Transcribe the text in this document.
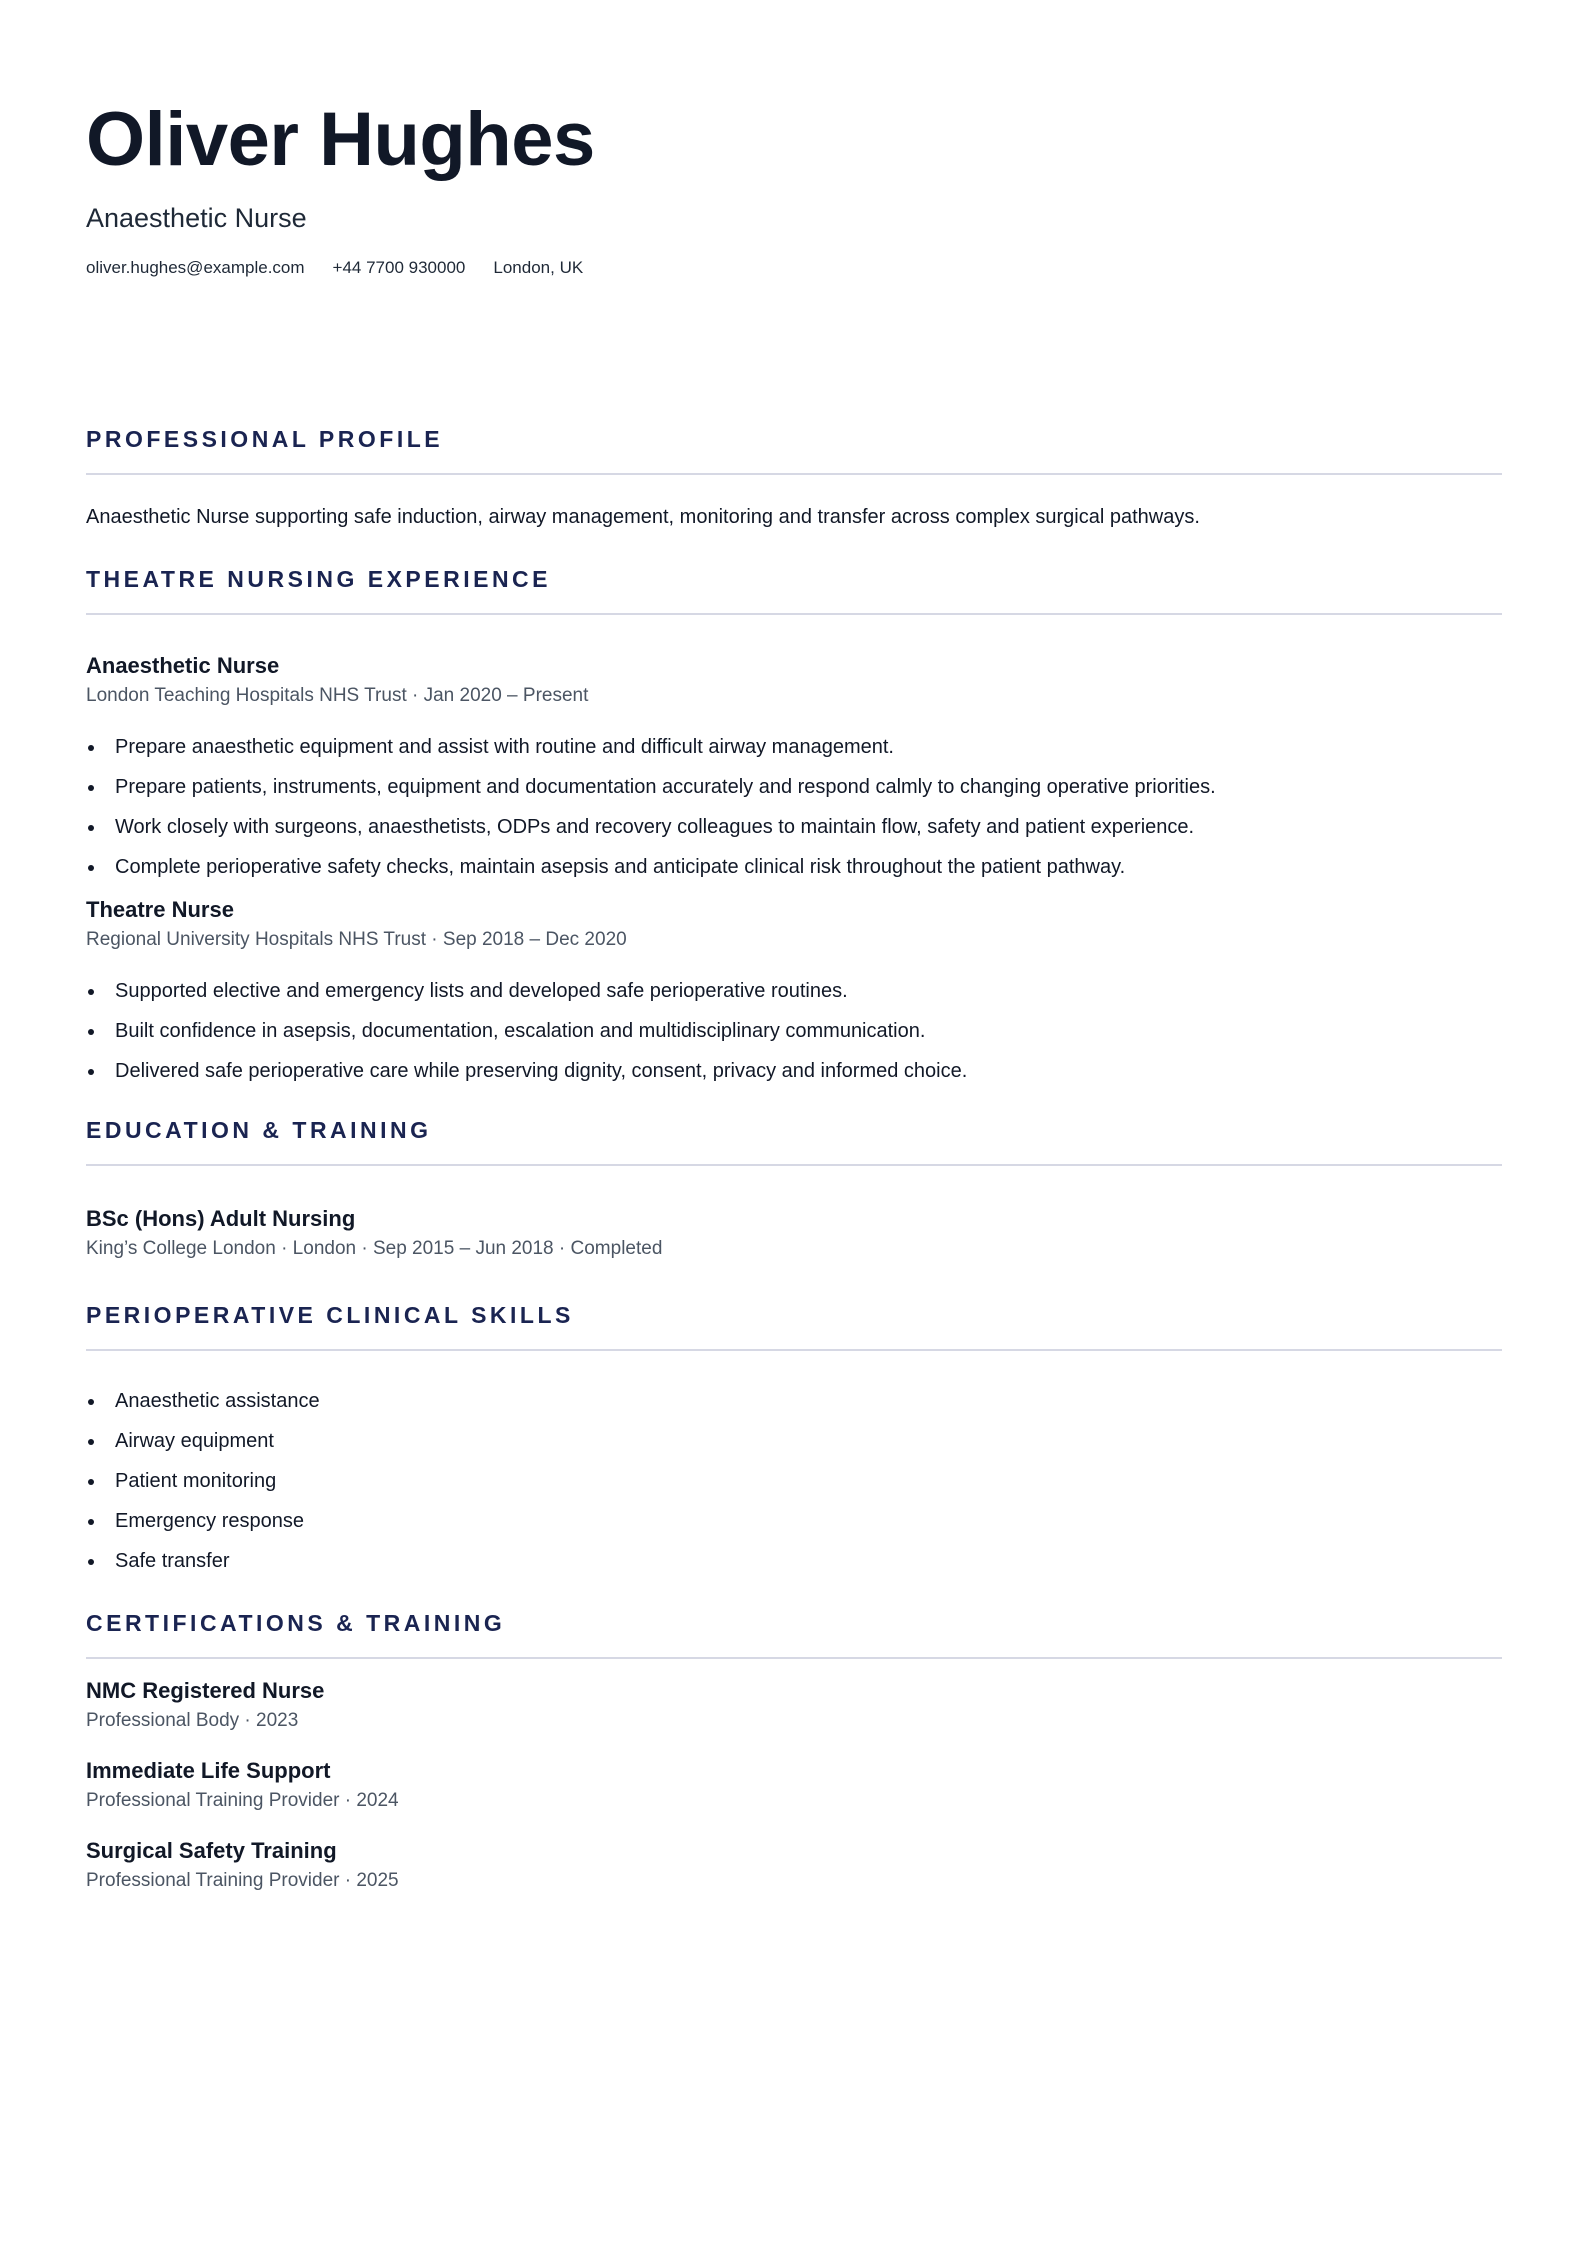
Oliver Hughes
Anaesthetic Nurse
oliver.hughes@example.com +44 7700 930000 London, UK
PROFESSIONAL PROFILE
Anaesthetic Nurse supporting safe induction, airway management, monitoring and transfer across complex surgical pathways.
THEATRE NURSING EXPERIENCE
Anaesthetic Nurse
London Teaching Hospitals NHS Trust · Jan 2020 – Present
Prepare anaesthetic equipment and assist with routine and difficult airway management.
Prepare patients, instruments, equipment and documentation accurately and respond calmly to changing operative priorities.
Work closely with surgeons, anaesthetists, ODPs and recovery colleagues to maintain flow, safety and patient experience.
Complete perioperative safety checks, maintain asepsis and anticipate clinical risk throughout the patient pathway.
Theatre Nurse
Regional University Hospitals NHS Trust · Sep 2018 – Dec 2020
Supported elective and emergency lists and developed safe perioperative routines.
Built confidence in asepsis, documentation, escalation and multidisciplinary communication.
Delivered safe perioperative care while preserving dignity, consent, privacy and informed choice.
EDUCATION & TRAINING
BSc (Hons) Adult Nursing
King’s College London · London · Sep 2015 – Jun 2018 · Completed
PERIOPERATIVE CLINICAL SKILLS
Anaesthetic assistance
Airway equipment
Patient monitoring
Emergency response
Safe transfer
CERTIFICATIONS & TRAINING
NMC Registered Nurse
Professional Body · 2023
Immediate Life Support
Professional Training Provider · 2024
Surgical Safety Training
Professional Training Provider · 2025
